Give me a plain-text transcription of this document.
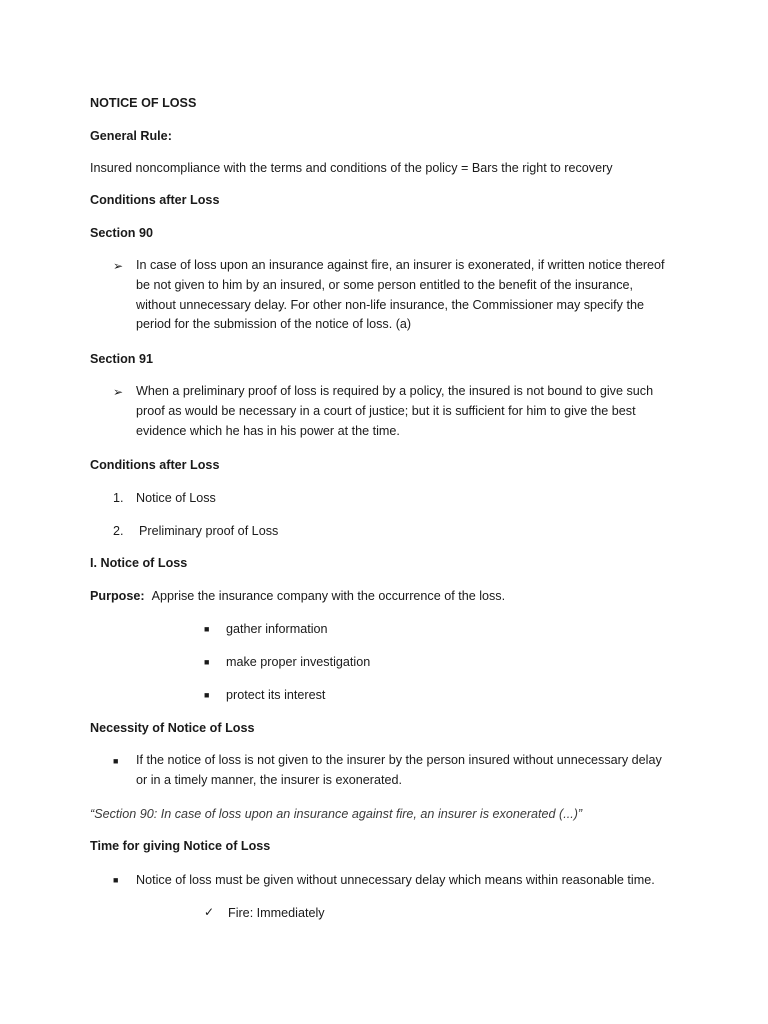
NOTICE OF LOSS
General Rule:
Insured noncompliance with the terms and conditions of the policy = Bars the right to recovery
Conditions after Loss
Section 90
➢ In case of loss upon an insurance against fire, an insurer is exonerated, if written notice thereof be not given to him by an insured, or some person entitled to the benefit of the insurance, without unnecessary delay. For other non-life insurance, the Commissioner may specify the period for the submission of the notice of loss. (a)
Section 91
➢ When a preliminary proof of loss is required by a policy, the insured is not bound to give such proof as would be necessary in a court of justice; but it is sufficient for him to give the best evidence which he has in his power at the time.
Conditions after Loss
1. Notice of Loss
2. Preliminary proof of Loss
I. Notice of Loss
Purpose: Apprise the insurance company with the occurrence of the loss.
■ gather information
■ make proper investigation
■ protect its interest
Necessity of Notice of Loss
■ If the notice of loss is not given to the insurer by the person insured without unnecessary delay or in a timely manner, the insurer is exonerated.
“Section 90: In case of loss upon an insurance against fire, an insurer is exonerated (...)”
Time for giving Notice of Loss
■ Notice of loss must be given without unnecessary delay which means within reasonable time.
✓ Fire: Immediately
